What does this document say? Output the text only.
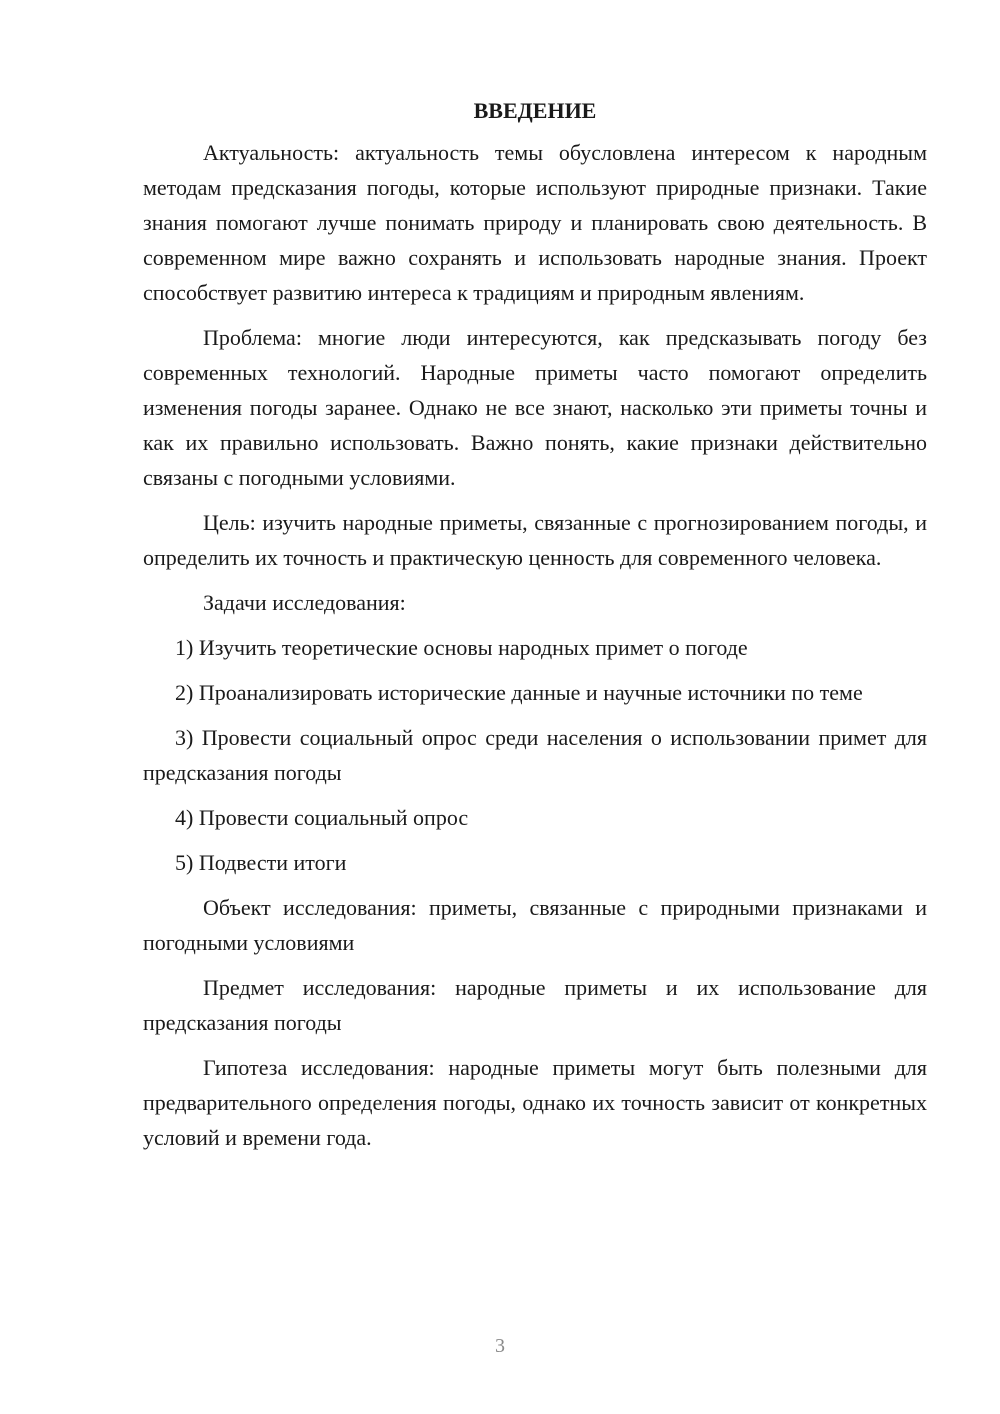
ВВЕДЕНИЕ

Актуальность: актуальность темы обусловлена интересом к народным методам предсказания погоды, которые используют природные признаки. Такие знания помогают лучше понимать природу и планировать свою деятельность. В современном мире важно сохранять и использовать народные знания. Проект способствует развитию интереса к традициям и природным явлениям.

Проблема: многие люди интересуются, как предсказывать погоду без современных технологий. Народные приметы часто помогают определить изменения погоды заранее. Однако не все знают, насколько эти приметы точны и как их правильно использовать. Важно понять, какие признаки действительно связаны с погодными условиями.

Цель: изучить народные приметы, связанные с прогнозированием погоды, и определить их точность и практическую ценность для современного человека.

Задачи исследования:

1) Изучить теоретические основы народных примет о погоде

2) Проанализировать исторические данные и научные источники по теме

3) Провести социальный опрос среди населения о использовании примет для предсказания погоды

4) Провести социальный опрос

5) Подвести итоги

Объект исследования: приметы, связанные с природными признаками и погодными условиями

Предмет исследования: народные приметы и их использование для предсказания погоды

Гипотеза исследования: народные приметы могут быть полезными для предварительного определения погоды, однако их точность зависит от конкретных условий и времени года.

3
